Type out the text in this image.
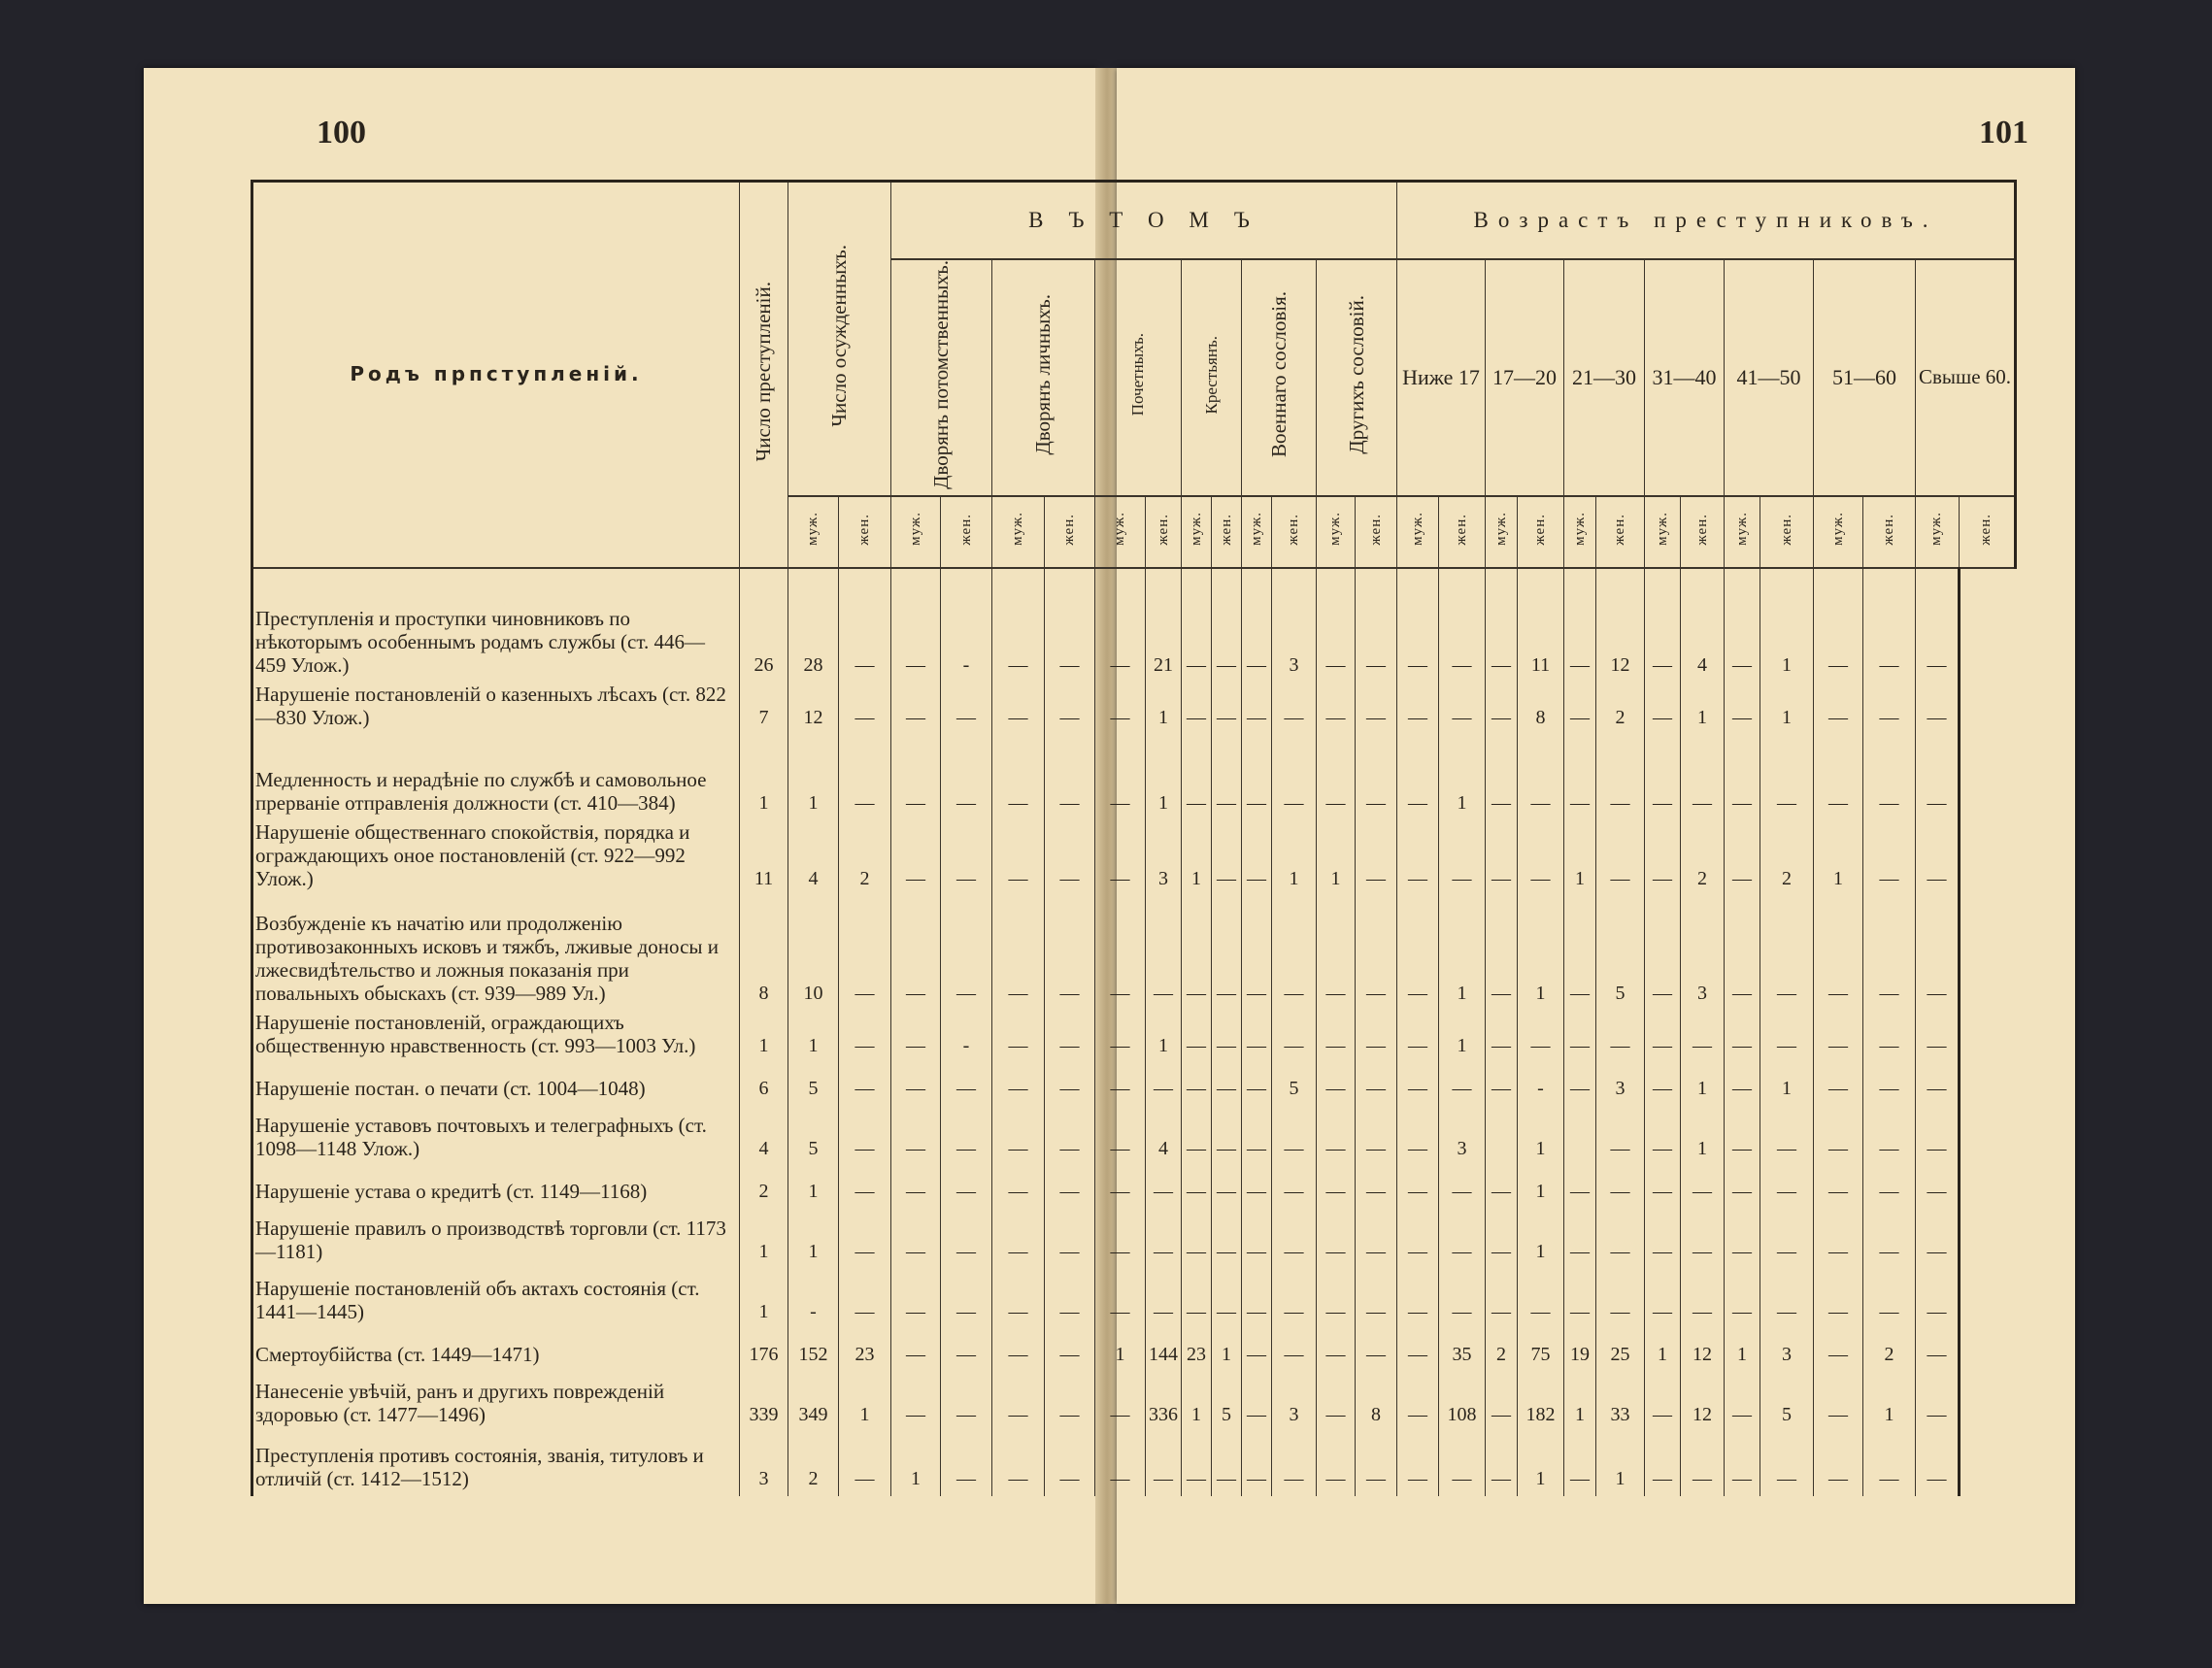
100	101
Родъ прпступленiй.	Число преступленiй.	Число осужденныхъ.		В Ъ Т О М Ъ												Возрастъ преступниковъ.													
				Дворянъ потомственныхъ.		Дворянъ личныхъ.		Почетныхъ.		Крестьянъ.		Военнаго сословiя.		Другихъ сословiй.		Ниже 17		17—20		21—30		31—40		41—50		51—60		Свыше 60.	
		муж.	жен.	муж.	жен.	муж.	жен.	муж.	жен.	муж.	жен.	муж.	жен.	муж.	жен.	муж.	жен.	муж.	жен.	муж.	жен.	муж.	жен.	муж.	жен.	муж.	жен.	муж.	жен.
Преступленiя и проступки чиновниковъ по нѣкоторымъ особеннымъ родамъ службы (ст. 446—459 Улож.)	26	28	—	—	-	—	—	—	21	—	—	—	3	—	—	—	—	—	11	—	12	—	4	—	1	—	—	—	
Нарушенiе постановленiй о казенныхъ лѣсахъ (ст. 822—830 Улож.)	7	12	—	—	—	—	—	—	1	—	—	—	—	—	—	—	—	—	8	—	2	—	1	—	1	—	—	—	
Медленность и нерадѣнiе по службѣ и самовольное прерванiе отправленiя должности (ст. 410—384)	1	1	—	—	—	—	—	—	1	—	—	—	—	—	—	—	1	—	—	—	—	—	—	—	—	—	—	—	
Нарушенiе общественнаго спокойствiя, порядка и ограждающихъ оное постановленiй (ст. 922—992 Улож.)	11	4	2	—	—	—	—	—	3	1	—	—	1	1	—	—	—	—	—	1	—	—	2	—	2	1	—	—	
Возбужденiе къ начатiю или продолженiю противозаконныхъ исковъ и тяжбъ, лживые доносы и лжесвидѣтельство и ложныя показанiя при повальныхъ обыскахъ (ст. 939—989 Ул.)	8	10	—	—	—	—	—	—	—	—	—	—	—	—	—	—	1	—	1	—	5	—	3	—	—	—	—	—	
Нарушенiе постановленiй, ограждающихъ общественную нравственность (ст. 993—1003 Ул.)	1	1	—	—	-	—	—	—	1	—	—	—	—	—	—	—	1	—	—	—	—	—	—	—	—	—	—	—	
Нарушенiе постан. о печати (ст. 1004—1048)	6	5	—	—	—	—	—	—	—	—	—	—	5	—	—	—	—	—	-	—	3	—	1	—	1	—	—	—	
Нарушенiе уставовъ почтовыхъ и телеграфныхъ (ст. 1098—1148 Улож.)	4	5	—	—	—	—	—	—	4	—	—	—	—	—	—	—	3		1		—	—	1	—	—	—	—	—	
Нарушенiе устава о кредитѣ (ст. 1149—1168)	2	1	—	—	—	—	—	—	—	—	—	—	—	—	—	—	—	—	1	—	—	—	—	—	—	—	—	—	
Нарушенiе правилъ о производствѣ торговли (ст. 1173—1181)	1	1	—	—	—	—	—	—	—	—	—	—	—	—	—	—	—	—	1	—	—	—	—	—	—	—	—	—	
Нарушенiе постановленiй объ актахъ состоянiя (ст. 1441—1445)	1	-	—	—	—	—	—	—	—	—	—	—	—	—	—	—	—	—	—	—	—	—	—	—	—	—	—	—	
Смертоубiйства (ст. 1449—1471)	176	152	23	—	—	—	—	1	144	23	1	—	—	—	—	—	35	2	75	19	25	1	12	1	3	—	2	—	
Нанесенiе увѣчiй, ранъ и другихъ поврежденiй здоровью (ст. 1477—1496)	339	349	1	—	—	—	—	—	336	1	5	—	3	—	8	—	108	—	182	1	33	—	12	—	5	—	1	—	
Преступленiя противъ состоянiя, званiя, титуловъ и отличiй (ст. 1412—1512)	3	2	—	1	—	—	—	—	—	—	—	—	—	—	—	—	—	—	1	—	1	—	—	—	—	—	—	—	
